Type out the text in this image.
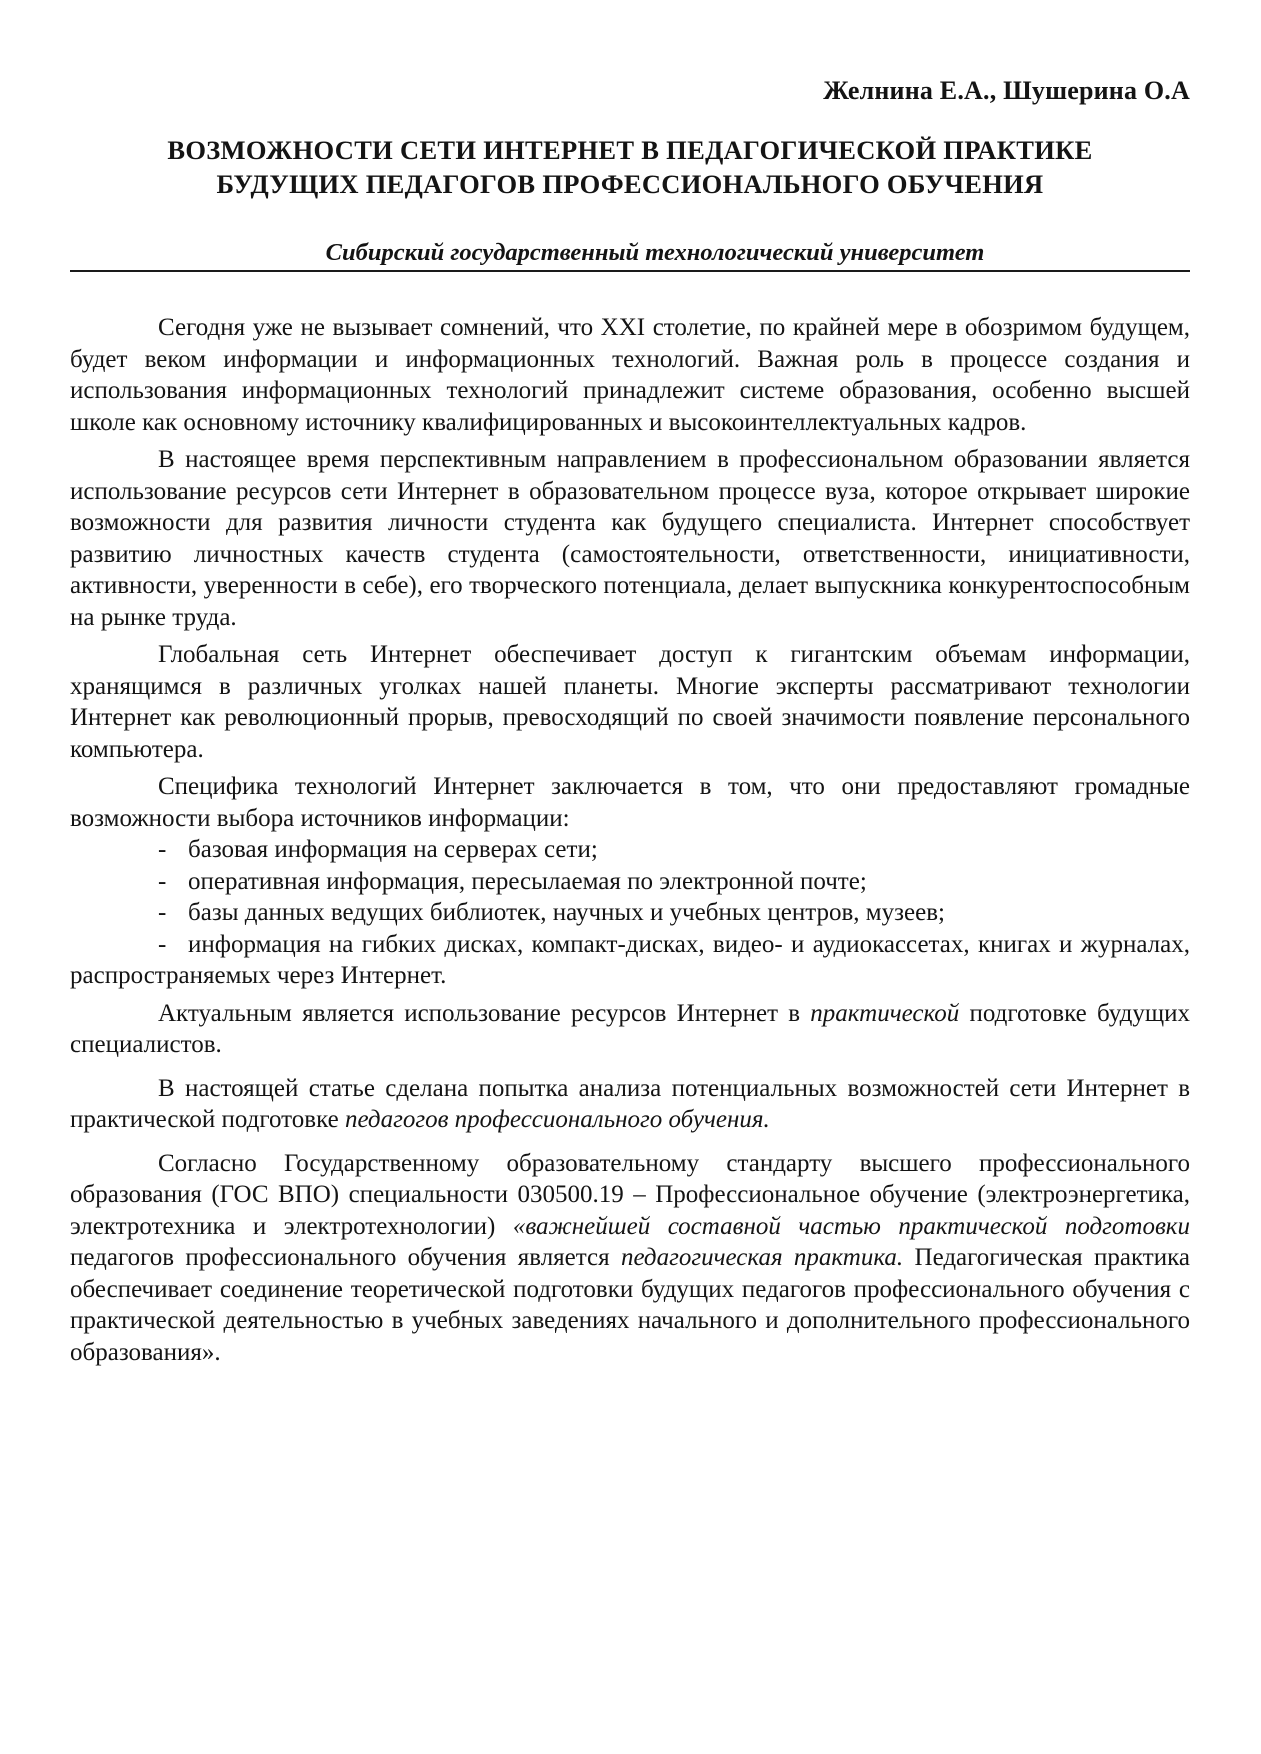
Желнина Е.А., Шушерина О.А
ВОЗМОЖНОСТИ СЕТИ ИНТЕРНЕТ В ПЕДАГОГИЧЕСКОЙ ПРАКТИКЕ
БУДУЩИХ ПЕДАГОГОВ ПРОФЕССИОНАЛЬНОГО ОБУЧЕНИЯ
Сибирский государственный технологический университет

Сегодня уже не вызывает сомнений, что XXI столетие, по крайней мере в обозримом будущем, будет веком информации и информационных технологий. Важная роль в процессе создания и использования информационных технологий принадлежит системе образования, особенно высшей школе как основному источнику квалифицированных и высокоинтеллектуальных кадров.

В настоящее время перспективным направлением в профессиональном образовании является использование ресурсов сети Интернет в образовательном процессе вуза, которое открывает широкие возможности для развития личности студента как будущего специалиста. Интернет способствует развитию личностных качеств студента (самостоятельности, ответственности, инициативности, активности, уверенности в себе), его творческого потенциала, делает выпускника конкурентоспособным на рынке труда.

Глобальная сеть Интернет обеспечивает доступ к гигантским объемам информации, хранящимся в различных уголках нашей планеты. Многие эксперты рассматривают технологии Интернет как революционный прорыв, превосходящий по своей значимости появление персонального компьютера.

Специфика технологий Интернет заключается в том, что они предоставляют громадные возможности выбора источников информации:

- базовая информация на серверах сети;
- оперативная информация, пересылаемая по электронной почте;
- базы данных ведущих библиотек, научных и учебных центров, музеев;
- информация на гибких дисках, компакт-дисках, видео- и аудиокассетах, книгах и журналах, распространяемых через Интернет.

Актуальным является использование ресурсов Интернет в практической подготовке будущих специалистов.

В настоящей статье сделана попытка анализа потенциальных возможностей сети Интернет в практической подготовке педагогов профессионального обучения.

Согласно Государственному образовательному стандарту высшего профессионального образования (ГОС ВПО) специальности 030500.19 – Профессиональное обучение (электроэнергетика, электротехника и электротехнологии) «важнейшей составной частью практической подготовки педагогов профессионального обучения является педагогическая практика. Педагогическая практика обеспечивает соединение теоретической подготовки будущих педагогов профессионального обучения с практической деятельностью в учебных заведениях начального и дополнительного профессионального образования».
